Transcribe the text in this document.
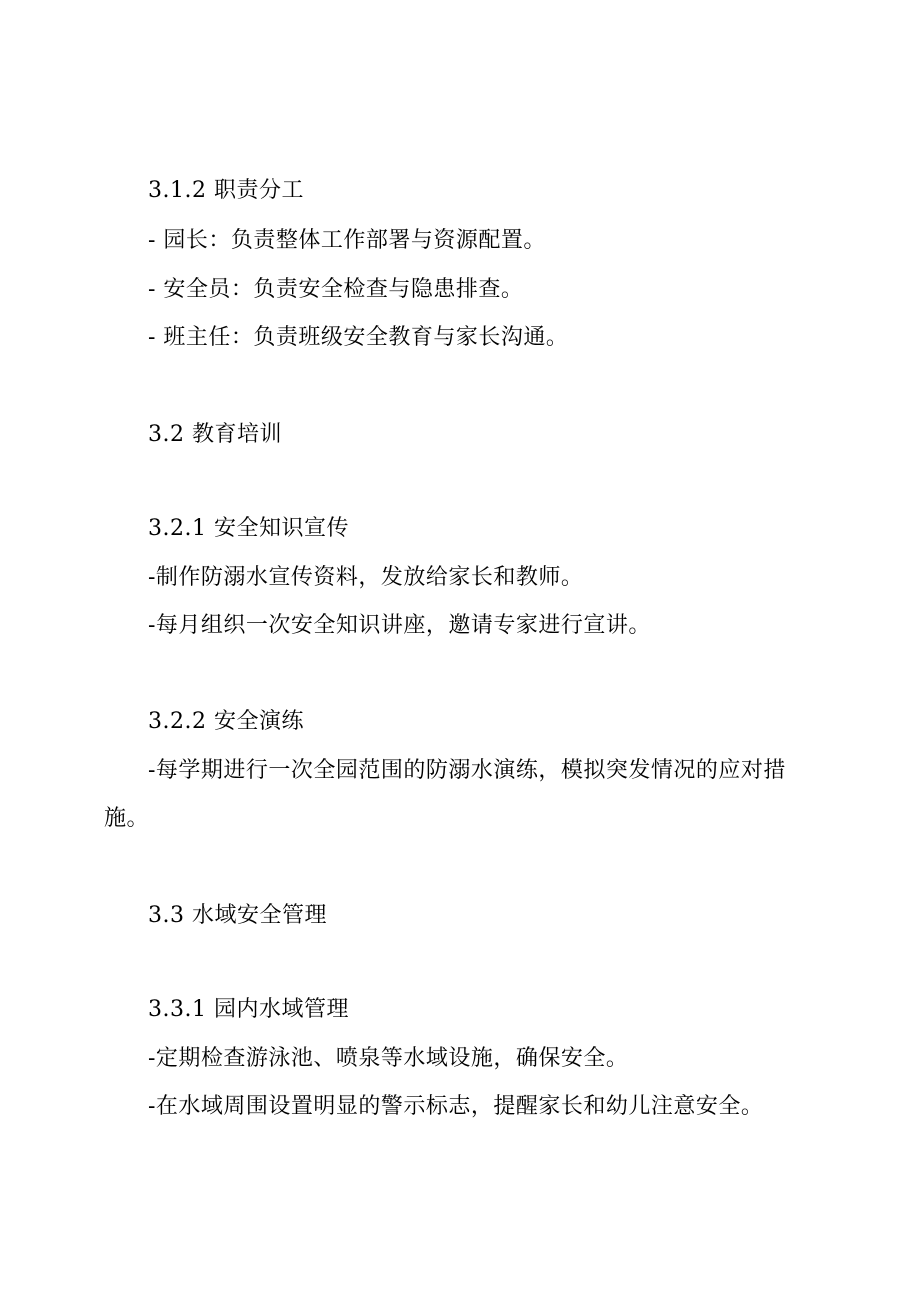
3.1.2 职责分工
- 园长：负责整体工作部署与资源配置。
- 安全员：负责安全检查与隐患排查。
- 班主任：负责班级安全教育与家长沟通。
3.2 教育培训
3.2.1 安全知识宣传
-制作防溺水宣传资料，发放给家长和教师。
-每月组织一次安全知识讲座，邀请专家进行宣讲。
3.2.2 安全演练
-每学期进行一次全园范围的防溺水演练，模拟突发情况的应对措
施。
3.3 水域安全管理
3.3.1 园内水域管理
-定期检查游泳池、喷泉等水域设施，确保安全。
-在水域周围设置明显的警示标志，提醒家长和幼儿注意安全。
